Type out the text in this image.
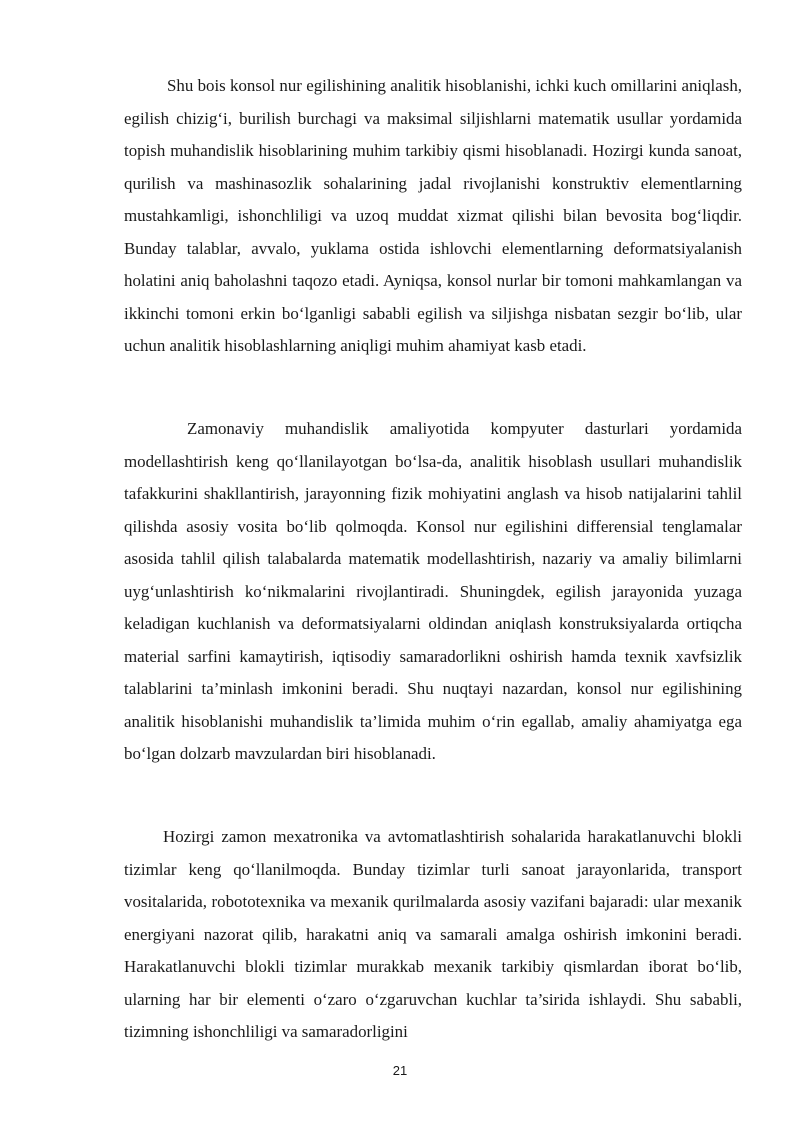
Shu bois konsol nur egilishining analitik hisoblanishi, ichki kuch omillarini aniqlash, egilish chizig‘i, burilish burchagi va maksimal siljishlarni matematik usullar yordamida topish muhandislik hisoblarining muhim tarkibiy qismi hisoblanadi. Hozirgi kunda sanoat, qurilish va mashinasozlik sohalarining jadal rivojlanishi konstruktiv elementlarning mustahkamligi, ishonchliligi va uzoq muddat xizmat qilishi bilan bevosita bog‘liqdir. Bunday talablar, avvalo, yuklama ostida ishlovchi elementlarning deformatsiyalanish holatini aniq baholashni taqozo etadi. Ayniqsa, konsol nurlar bir tomoni mahkamlangan va ikkinchi tomoni erkin bo‘lganligi sababli egilish va siljishga nisbatan sezgir bo‘lib, ular uchun analitik hisoblashlarning aniqligi muhim ahamiyat kasb etadi.

Zamonaviy muhandislik amaliyotida kompyuter dasturlari yordamida modellashtirish keng qo‘llanilayotgan bo‘lsa-da, analitik hisoblash usullari muhandislik tafakkurini shakllantirish, jarayonning fizik mohiyatini anglash va hisob natijalarini tahlil qilishda asosiy vosita bo‘lib qolmoqda. Konsol nur egilishini differensial tenglamalar asosida tahlil qilish talabalarda matematik modellashtirish, nazariy va amaliy bilimlarni uyg‘unlashtirish ko‘nikmalarini rivojlantiradi. Shuningdek, egilish jarayonida yuzaga keladigan kuchlanish va deformatsiyalarni oldindan aniqlash konstruksiyalarda ortiqcha material sarfini kamaytirish, iqtisodiy samaradorlikni oshirish hamda texnik xavfsizlik talablarini ta’minlash imkonini beradi. Shu nuqtayi nazardan, konsol nur egilishining analitik hisoblanishi muhandislik ta’limida muhim o‘rin egallab, amaliy ahamiyatga ega bo‘lgan dolzarb mavzulardan biri hisoblanadi.

Hozirgi zamon mexatronika va avtomatlashtirish sohalarida harakatlanuvchi blokli tizimlar keng qo‘llanilmoqda. Bunday tizimlar turli sanoat jarayonlarida, transport vositalarida, robototexnika va mexanik qurilmalarda asosiy vazifani bajaradi: ular mexanik energiyani nazorat qilib, harakatni aniq va samarali amalga oshirish imkonini beradi. Harakatlanuvchi blokli tizimlar murakkab mexanik tarkibiy qismlardan iborat bo‘lib, ularning har bir elementi o‘zaro o‘zgaruvchan kuchlar ta’sirida ishlaydi. Shu sababli, tizimning ishonchliligi va samaradorligini

21
